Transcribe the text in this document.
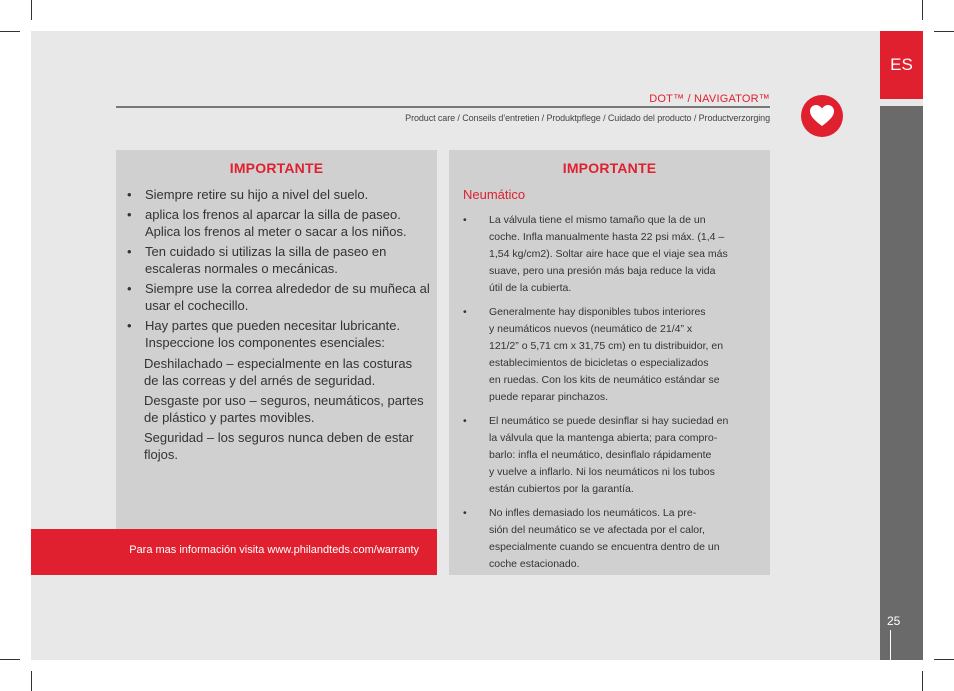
ES
25
DOT™ / NAVIGATOR™
Product care / Conseils d’entretien / Produktpflege / Cuidado del producto / Productverzorging
IMPORTANTE
• Siempre retire su hijo a nivel del suelo.
• aplica los frenos al aparcar la silla de paseo.
Aplica los frenos al meter o sacar a los niños.
• Ten cuidado si utilizas la silla de paseo en
escaleras normales o mecánicas.
• Siempre use la correa alrededor de su muñeca al
usar el cochecillo.
• Hay partes que pueden necesitar lubricante.
Inspeccione los componentes esenciales:
Deshilachado – especialmente en las costuras
de las correas y del arnés de seguridad.
Desgaste por uso – seguros, neumáticos, partes
de plástico y partes movibles.
Seguridad – los seguros nunca deben de estar
flojos.
Para mas información visita www.philandteds.com/warranty
IMPORTANTE
Neumático
• La válvula tiene el mismo tamaño que la de un
coche. Infla manualmente hasta 22 psi máx. (1,4 –
1,54 kg/cm2). Soltar aire hace que el viaje sea más
suave, pero una presión más baja reduce la vida
útil de la cubierta.
• Generalmente hay disponibles tubos interiores
y neumáticos nuevos (neumático de 21/4” x
121/2” o 5,71 cm x 31,75 cm) en tu distribuidor, en
establecimientos de bicicletas o especializados
en ruedas. Con los kits de neumático estándar se
puede reparar pinchazos.
• El neumático se puede desinflar si hay suciedad en
la válvula que la mantenga abierta; para compro-
barlo: infla el neumático, desinflalo rápidamente
y vuelve a inflarlo. Ni los neumáticos ni los tubos
están cubiertos por la garantía.
• No infles demasiado los neumáticos. La pre-
sión del neumático se ve afectada por el calor,
especialmente cuando se encuentra dentro de un
coche estacionado.
